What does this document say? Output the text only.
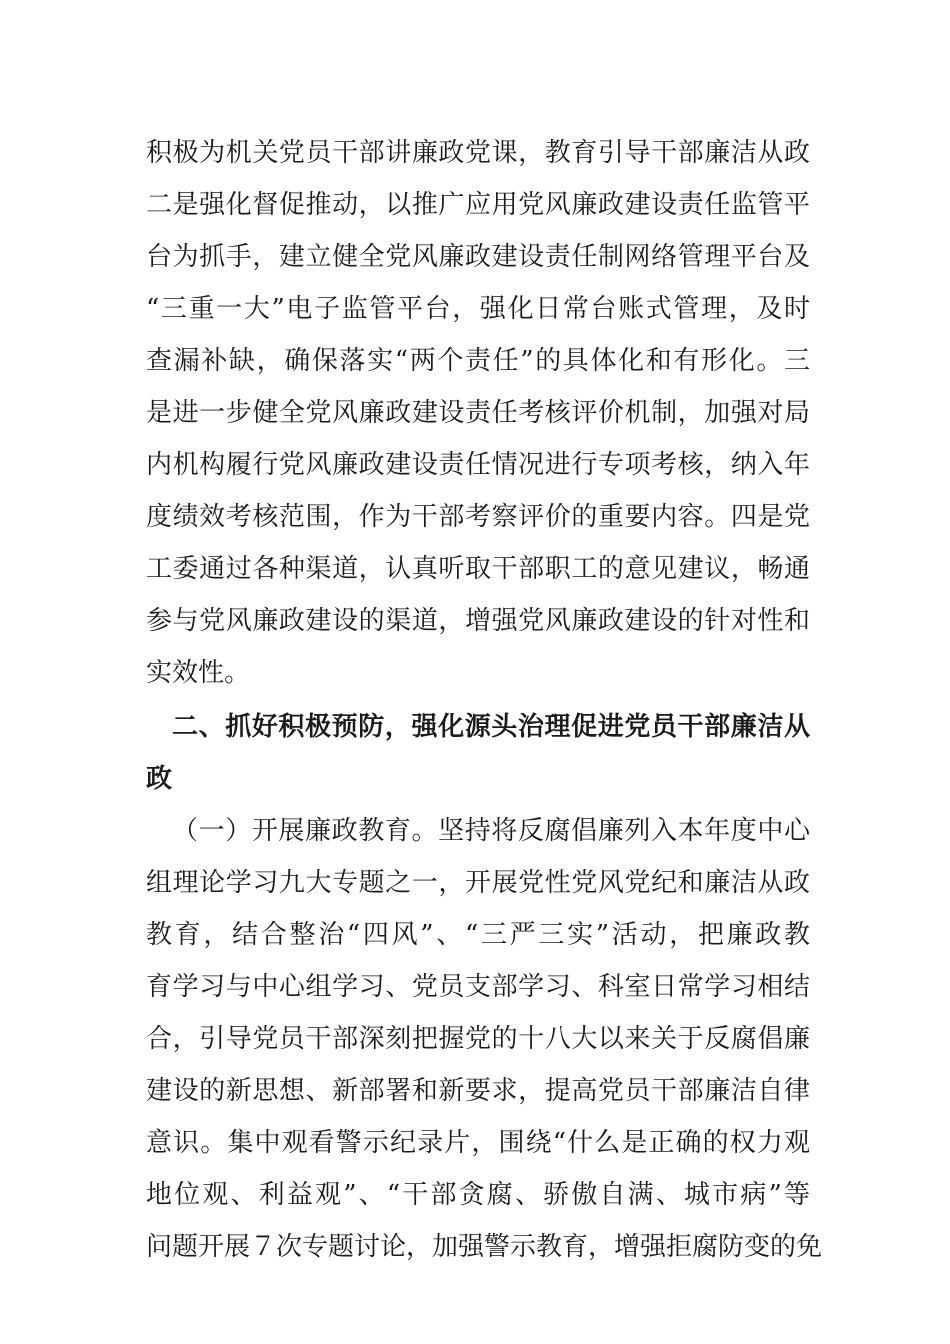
积极为机关党员干部讲廉政党课，教育引导干部廉洁从政
二是强化督促推动，以推广应用党风廉政建设责任监管平
台为抓手，建立健全党风廉政建设责任制网络管理平台及
“三重一大”电子监管平台，强化日常台账式管理，及时
查漏补缺，确保落实“两个责任”的具体化和有形化。三
是进一步健全党风廉政建设责任考核评价机制，加强对局
内机构履行党风廉政建设责任情况进行专项考核，纳入年
度绩效考核范围，作为干部考察评价的重要内容。四是党
工委通过各种渠道，认真听取干部职工的意见建议，畅通
参与党风廉政建设的渠道，增强党风廉政建设的针对性和
实效性。
二、抓好积极预防，强化源头治理促进党员干部廉洁从
政
（一）开展廉政教育。坚持将反腐倡廉列入本年度中心
组理论学习九大专题之一，开展党性党风党纪和廉洁从政
教育，结合整治“四风”、“三严三实”活动，把廉政教
育学习与中心组学习、党员支部学习、科室日常学习相结
合，引导党员干部深刻把握党的十八大以来关于反腐倡廉
建设的新思想、新部署和新要求，提高党员干部廉洁自律
意识。集中观看警示纪录片，围绕“什么是正确的权力观
地位观、利益观”、“干部贪腐、骄傲自满、城市病”等
问题开展７次专题讨论，加强警示教育，增强拒腐防变的免
